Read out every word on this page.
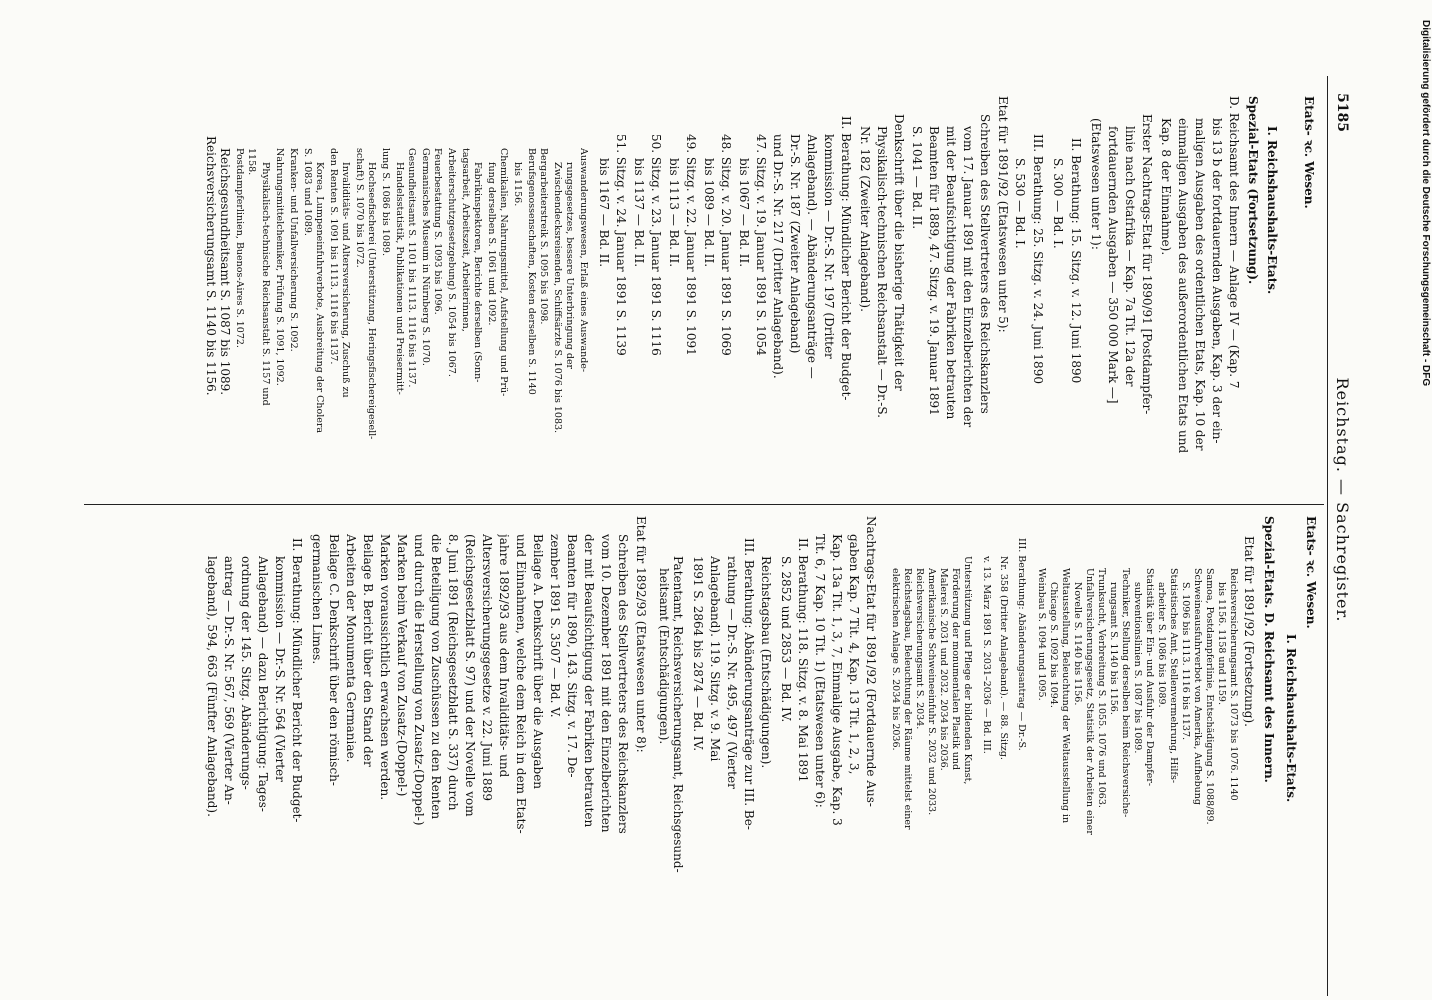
5185
Reichstag. — Sachregister.
Etats- ꝛc. Wesen.
I. Reichshaushalts-Etats.
Spezial-Etats (Fortsetzung).
D. Reichsamt des Innern — Anlage IV — (Kap. 7
bis 13 b der fortdauernden Ausgaben, Kap. 3 der ein-
maligen Ausgaben des ordentlichen Etats, Kap. 10 der
einmaligen Ausgaben des außerordentlichen Etats und
Kap. 8 der Einnahme).
Erster Nachtrags-Etat für 1890/91 [Postdampfer-
linie nach Ostafrika — Kap. 7a Tit. 12a der
fortdauernden Ausgaben — 350 000 Mark —]
(Etatswesen unter 1):
II. Berathung: 15. Sitzg. v. 12. Juni 1890
S. 300 — Bd. I.
III. Berathung: 25. Sitzg. v. 24. Juni 1890
S. 530 — Bd. I.
Etat für 1891/92 (Etatswesen unter 5):
Schreiben des Stellvertreters des Reichskanzlers
vom 17. Januar 1891 mit den Einzelberichten der
mit der Beaufsichtigung der Fabriken betrauten
Beamten für 1889, 47. Sitzg. v. 19. Januar 1891
S. 1041 — Bd. II.
Denkschrift über die bisherige Thätigkeit der
Physikalisch-technischen Reichsanstalt — Dr.-S.
Nr. 182 (Zweiter Anlageband).
II. Berathung: Mündlicher Bericht der Budget-
kommission — Dr.-S. Nr. 197 (Dritter
Anlageband). — Abänderungsanträge —
Dr.-S. Nr. 187 (Zweiter Anlageband)
und Dr.-S. Nr. 217 (Dritter Anlageband).
47. Sitzg. v. 19. Januar 1891 S. 1054
bis 1067 — Bd. II.
48. Sitzg. v. 20. Januar 1891 S. 1069
bis 1089 — Bd. II.
49. Sitzg. v. 22. Januar 1891 S. 1091
bis 1113 — Bd. II.
50. Sitzg. v. 23. Januar 1891 S. 1116
bis 1137 — Bd. II.
51. Sitzg. v. 24. Januar 1891 S. 1139
bis 1167 — Bd. II.
Auswanderungswesen, Erlaß eines Auswande-
rungsgesetzes, bessere Unterbringung der
Zwischendecksreisenden, Schiffsärzte S. 1076 bis 1083.
Bergarbeiterstreik S. 1095 bis 1098.
Berufsgenossenschaften, Kosten derselben S. 1140
bis 1156.
Chemikalien, Nahrungsmittel, Aufstellung und Prü-
fung derselben S. 1061 und 1092.
Fabrikinspektoren, Berichte derselben (Sonn-
tagsarbeit, Arbeitszeit, Arbeiterinnen,
Arbeiterschutzgesetzgebung) S. 1054 bis 1067.
Feuerbestattung S. 1093 bis 1096.
Germanisches Museum in Nürnberg S. 1070.
Gesundheitsamt S. 1101 bis 1113. 1116 bis 1137.
Handelsstatistik, Publikationen und Preisermitt-
lung S. 1086 bis 1089.
Hochseefischerei (Unterstützung, Heringsfischereigesell-
schaft) S. 1070 bis 1072.
Invaliditäts- und Altersversicherung, Zuschuß zu
den Renten S. 1091 bis 1113. 1116 bis 1137.
Korea, Lumpeneinfuhrverbote, Ausbreitung der Cholera
S. 1083 und 1089.
Kranken- und Unfallversicherung S. 1092.
Nahrungsmittelchemiker, Prüfung S. 1091, 1092.
Physikalisch-technische Reichsanstalt S. 1157 und
1158.
Postdampferlinien, Buenos-Aires S. 1072.
Reichsgesundheitsamt S. 1087 bis 1089.
Reichsversicherungsamt S. 1140 bis 1156.
Etats- ꝛc. Wesen.
I. Reichshaushalts-Etats.
Spezial-Etats. D. Reichsamt des Innern.
Etat für 1891/92 (Fortsetzung).
Reichsversicherungsamt S. 1073 bis 1076. 1140
bis 1156. 1158 und 1159.
Samoa, Postdampferlinie, Entschädigung S. 1088/89.
Schweineausfuhrverbot von Amerika, Aufhebung
S. 1096 bis 1113. 1116 bis 1137.
Statistisches Amt, Stellenvermehrung, Hilfs-
arbeiter S. 1086 bis 1089.
Statistik über Ein- und Ausfuhr der Dampfer-
subventionslinien S. 1087 bis 1089.
Techniker, Stellung derselben beim Reichsversiche-
rungsamt S. 1140 bis 1156.
Trunksucht, Verbreitung S. 1055. 1076 und 1063.
Unfallversicherungsgesetz, Statistik der Arbeiten einer
Novelle S. 1140 bis 1156.
Weltausstellung, Beleuchtung der Weltausstellung in
Chicago S. 1092 bis 1094.
Weinbau S. 1094 und 1095.
III. Berathung: Abänderungsantrag — Dr.-S.
Nr. 358 (Dritter Anlageband). — 88. Sitzg.
v. 13. März 1891 S. 2031–2036 — Bd. III.
Unterstützung und Pflege der bildenden Kunst,
Förderung der monumentalen Plastik und
Malerei S. 2031 und 2032. 2034 bis 2036.
Amerikanische Schweineeinfuhr S. 2032 und 2033.
Reichsversicherungsamt S. 2034.
Reichstagsbau, Beleuchtung der Räume mittelst einer
elektrischen Anlage S. 2034 bis 2036.
Nachtrags-Etat für 1891/92 (Fortdauernde Aus-
gaben Kap. 7 Tit. 4, Kap. 13 Tit. 1, 2, 3,
Kap. 13a Tit. 1, 3, 7, Einmalige Ausgabe, Kap. 3
Tit. 6, 7 Kap. 10 Tit. 1) (Etatswesen unter 6):
II. Berathung: 118. Sitzg. v. 8. Mai 1891
S. 2852 und 2853 — Bd. IV.
Reichstagsbau (Entschädigungen).
III. Berathung: Abänderungsanträge zur III. Be-
rathung — Dr.-S. Nr. 495, 497 (Vierter
Anlageband). 119. Sitzg. v. 9. Mai
1891 S. 2864 bis 2874 — Bd. IV.
Patentamt, Reichsversicherungsamt, Reichsgesund-
heitsamt (Entschädigungen).
Etat für 1892/93 (Etatswesen unter 8):
Schreiben des Stellvertreters des Reichskanzlers
vom 10. Dezember 1891 mit den Einzelberichten
der mit Beaufsichtigung der Fabriken betrauten
Beamten für 1890, 143. Sitzg. v. 17. De-
zember 1891 S. 3507 — Bd. V.
Beilage A. Denkschrift über die Ausgaben
und Einnahmen, welche dem Reich in dem Etats-
jahre 1892/93 aus dem Invaliditäts- und
Altersversicherungsgesetze v. 22. Juni 1889
(Reichsgesetzblatt S. 97) und der Novelle vom
8. Juni 1891 (Reichsgesetzblatt S. 337) durch
die Beteiligung von Zuschüssen zu den Renten
und durch die Herstellung von Zusatz-(Doppel-)
Marken beim Verkauf von Zusatz-(Doppel-)
Marken voraussichtlich erwachsen werden.
Beilage B. Bericht über den Stand der
Arbeiten der Monumenta Germaniae.
Beilage C. Denkschrift über den römisch-
germanischen Limes.
II. Berathung: Mündlicher Bericht der Budget-
kommission — Dr.-S. Nr. 564 (Vierter
Anlageband) — dazu Berichtigung: Tages-
ordnung der 145. Sitzg. Abänderungs-
antrag — Dr.-S. Nr. 567, 569 (Vierter An-
lageband), 594, 663 (Fünfter Anlageband).
Digitalisierung gefördert durch die Deutsche Forschungsgemeinschaft - DFG
